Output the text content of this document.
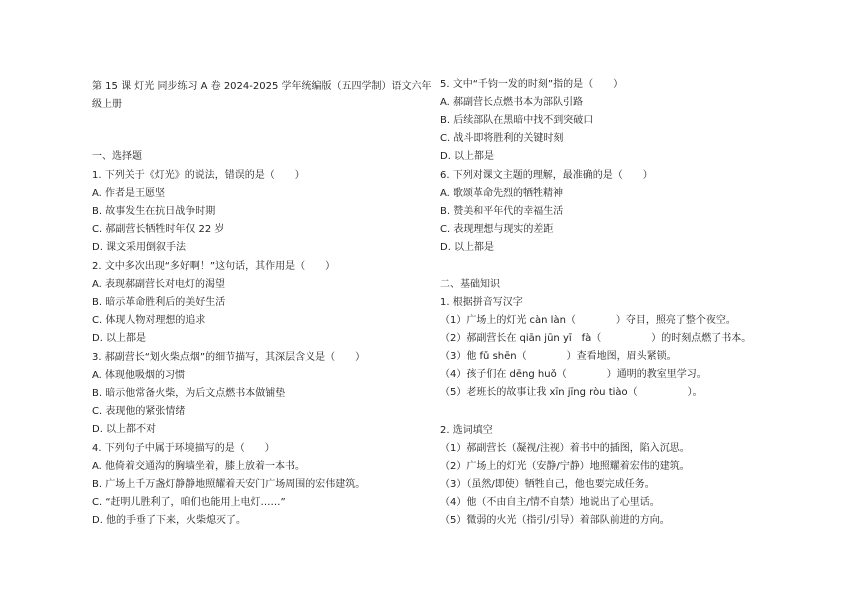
第 15 课 灯光 同步练习 A 卷 2024-2025 学年统编版（五四学制）语文六年级上册
一、选择题
1. 下列关于《灯光》的说法，错误的是（　　）
A. 作者是王愿坚
B. 故事发生在抗日战争时期
C. 郝副营长牺牲时年仅 22 岁
D. 课文采用倒叙手法
2. 文中多次出现“多好啊！”这句话，其作用是（　　）
A. 表现郝副营长对电灯的渴望
B. 暗示革命胜利后的美好生活
C. 体现人物对理想的追求
D. 以上都是
3. 郝副营长“划火柴点烟”的细节描写，其深层含义是（　　）
A. 体现他吸烟的习惯
B. 暗示他常备火柴，为后文点燃书本做铺垫
C. 表现他的紧张情绪
D. 以上都不对
4. 下列句子中属于环境描写的是（　　）
A. 他倚着交通沟的胸墙坐着，膝上放着一本书。
B. 广场上千万盏灯静静地照耀着天安门广场周围的宏伟建筑。
C. “赶明儿胜利了，咱们也能用上电灯……”
D. 他的手垂了下来，火柴熄灭了。
5. 文中“千钧一发的时刻”指的是（　　）
A. 郝副营长点燃书本为部队引路
B. 后续部队在黑暗中找不到突破口
C. 战斗即将胜利的关键时刻
D. 以上都是
6. 下列对课文主题的理解，最准确的是（　　）
A. 歌颂革命先烈的牺牲精神
B. 赞美和平年代的幸福生活
C. 表现理想与现实的差距
D. 以上都是
二、基础知识
1. 根据拼音写汉字
（1）广场上的灯光 càn làn（　　　　）夺目，照亮了整个夜空。
（2）郝副营长在 qiān jūn yī　fà（　　　　　）的时刻点燃了书本。
（3）他 fǔ shēn（　　　　）查看地图，眉头紧锁。
（4）孩子们在 dēng huǒ（　　　　）通明的教室里学习。
（5）老班长的故事让我 xīn jīng ròu tiào（　　　　　）。
2. 选词填空
（1）郝副营长（凝视/注视）着书中的插图，陷入沉思。
（2）广场上的灯光（安静/宁静）地照耀着宏伟的建筑。
（3）（虽然/即使）牺牲自己，他也要完成任务。
（4）他（不由自主/情不自禁）地说出了心里话。
（5）微弱的火光（指引/引导）着部队前进的方向。
